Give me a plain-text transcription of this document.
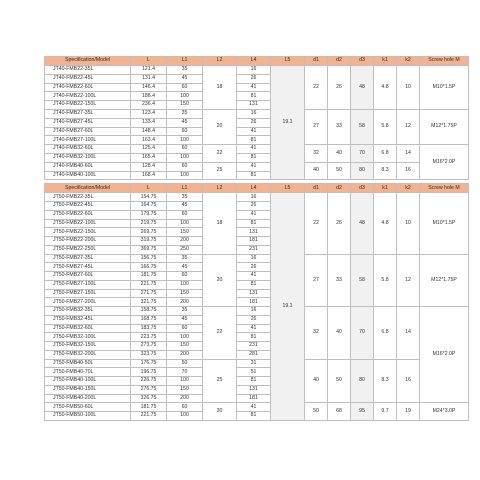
Specification/Model	L	L1	L2	L4	L5	d1	d2	d3	k1	k2	Screw hole M
JT40-FMB22-35L	121.4	35	18	16	19.1	22	26	48	4.8	10	M10*1.5P
JT40-FMB22-45L	131.4	45		26							
JT40-FMB22-60L	146.4	60		41							
JT40-FMB22-100L	186.4	100		81							
JT40-FMB22-150L	236.4	150		131							
JT40-FMB27-35L	123.4	35	20	16		27	33	58	5.8	12	M12*1.75P
JT40-FMB27-45L	133.4	45		26							
JT40-FMB27-60L	148.4	60		41							
JT40-FMB27-100L	163.4	100		81							
JT40-FMB32-60L	125.4	60	22	41		32	40	70	6.8	14	M16*2.0P
JT40-FMB32-100L	165.4	100		81							
JT40-FMB40-60L	128.4	60	25	41		40	50	80	8.3	16	
JT40-FMB40-100L	168.4	100		81							
Specification/Model	L	L1	L2	L4	L5	d1	d2	d3	k1	k2	Screw hole M
JT50-FMB22-35L	154.75	35	18	16	19.1	22	26	48	4.8	10	M10*1.5P
JT50-FMB22-45L	164.75	45		26							
JT50-FMB22-60L	179.75	60		41							
JT50-FMB22-100L	219.75	100		81							
JT50-FMB22-150L	269.75	150		131							
JT50-FMB22-200L	319.75	200		181							
JT50-FMB22-250L	369.75	250		231							
JT50-FMB27-35L	156.75	35	20	16		27	33	58	5.8	12	M12*1.75P
JT50-FMB27-45L	166.75	45		26							
JT50-FMB27-60L	181.75	60		41							
JT50-FMB27-100L	221.75	100		81							
JT50-FMB27-150L	271.75	150		131							
JT50-FMB27-200L	321.75	200		181							
JT50-FMB32-35L	158.75	35	22	16		32	40	70	6.8	14	M16*2.0P
JT50-FMB32-45L	168.75	45		26							
JT50-FMB32-60L	183.75	60		41							
JT50-FMB32-100L	223.75	100		81							
JT50-FMB32-150L	273.75	150		231							
JT50-FMB32-200L	323.75	200		281							
JT50-FMB40-50L	176.75	50	25	31		40	50	80	8.3	16	
JT50-FMB40-70L	196.75	70		51							
JT50-FMB40-100L	226.75	100		81							
JT50-FMB40-150L	276.75	150		131							
JT50-FMB40-200L	326.75	200		181							
JT50-FMB50-60L	181.75	60	30	41		50	68	95	9.7	19	M24*3.0P
JT50-FMB50-100L	221.75	100		81							
